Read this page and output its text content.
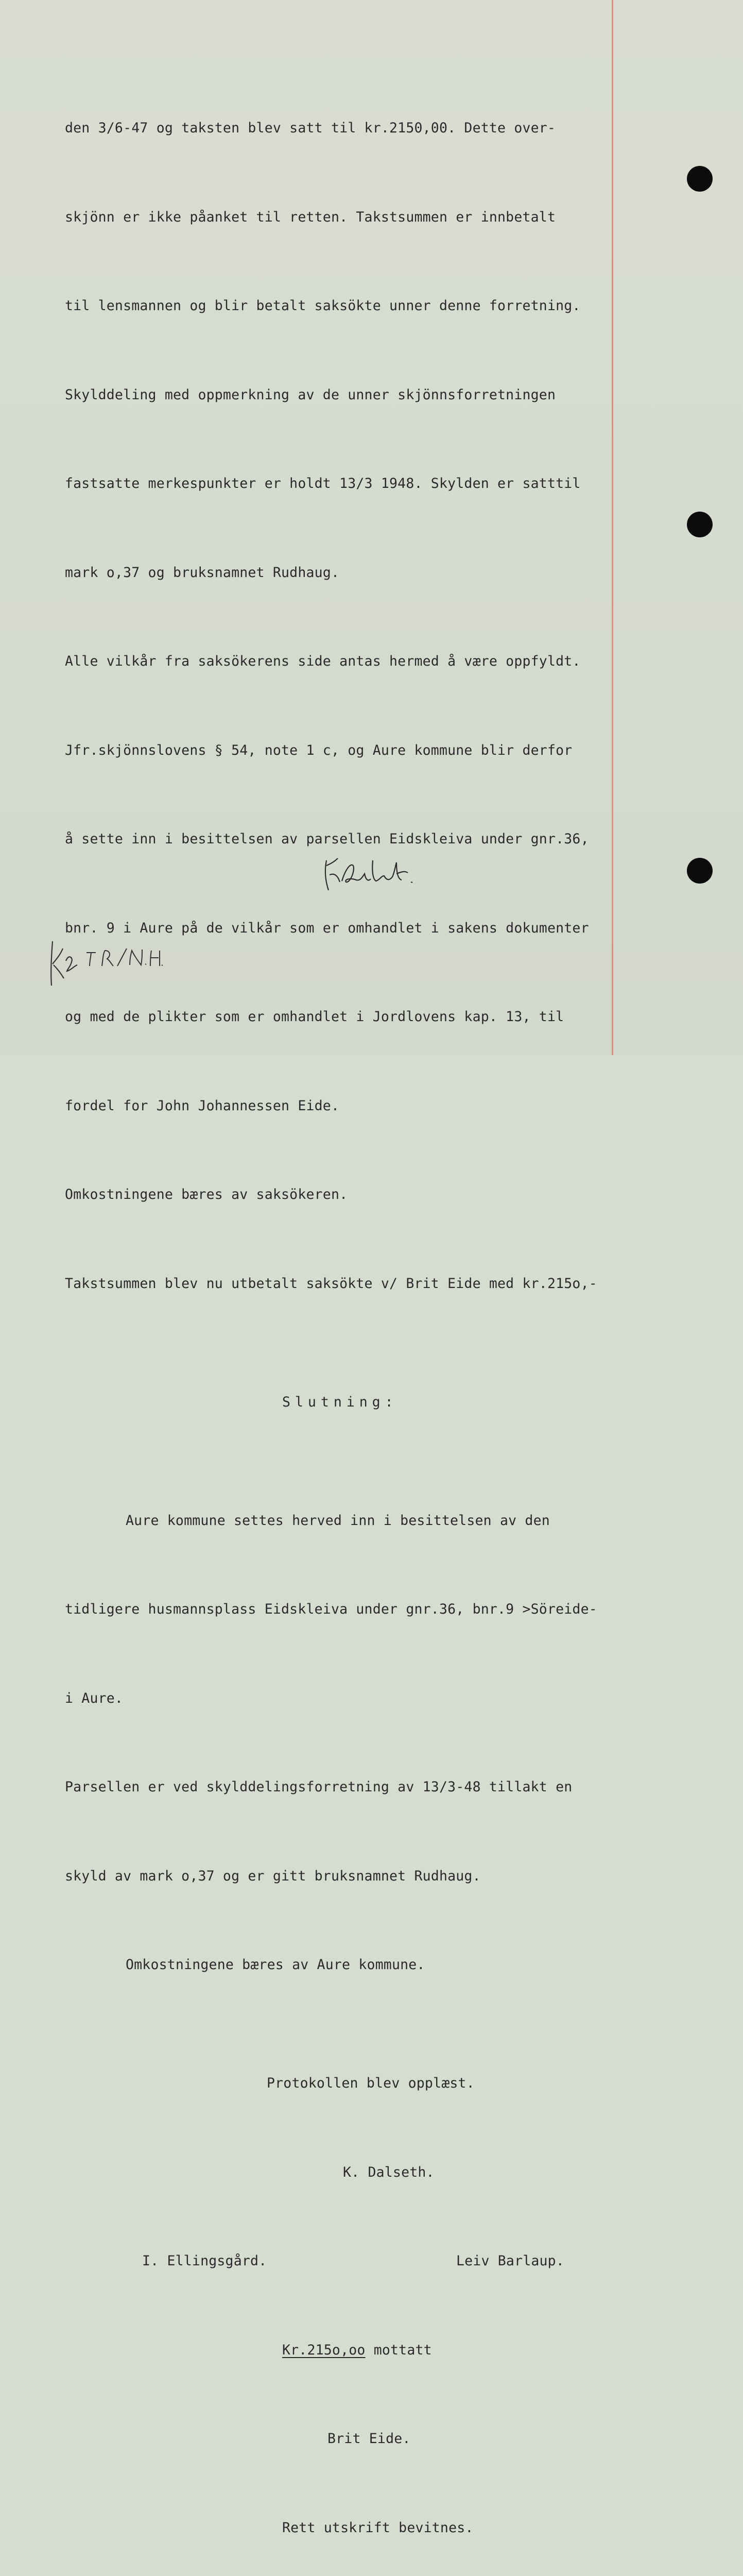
den 3/6-47 og taksten blev satt til kr.2150,00. Dette over-

skjönn er ikke påanket til retten. Takstsummen er innbetalt

til lensmannen og blir betalt saksökte unner denne forretning.

Skylddeling med oppmerkning av de unner skjönnsforretningen

fastsatte merkespunkter er holdt 13/3 1948. Skylden er satttil

mark o,37 og bruksnamnet Rudhaug.

Alle vilkår fra saksökerens side antas hermed å være oppfyldt.

Jfr.skjönnslovens § 54, note 1 c, og Aure kommune blir derfor

å sette inn i besittelsen av parsellen Eidskleiva under gnr.36,

bnr. 9 i Aure på de vilkår som er omhandlet i sakens dokumenter

og med de plikter som er omhandlet i Jordlovens kap. 13, til

fordel for John Johannessen Eide.

Omkostningene bæres av saksökeren.

Takstsummen blev nu utbetalt saksökte v/ Brit Eide med kr.215o,-

Slutning:

Aure kommune settes herved inn i besittelsen av den

tidligere husmannsplass Eidskleiva under gnr.36, bnr.9 >Söreide-

i Aure.

Parsellen er ved skylddelingsforretning av 13/3-48 tillakt en

skyld av mark o,37 og er gitt bruksnamnet Rudhaug.

Omkostningene bæres av Aure kommune.

Protokollen blev opplæst.

K. Dalseth.

I. Ellingsgård.	Leiv Barlaup.

Kr.215o,oo mottatt

Brit Eide.

Rett utskrift bevitnes.
